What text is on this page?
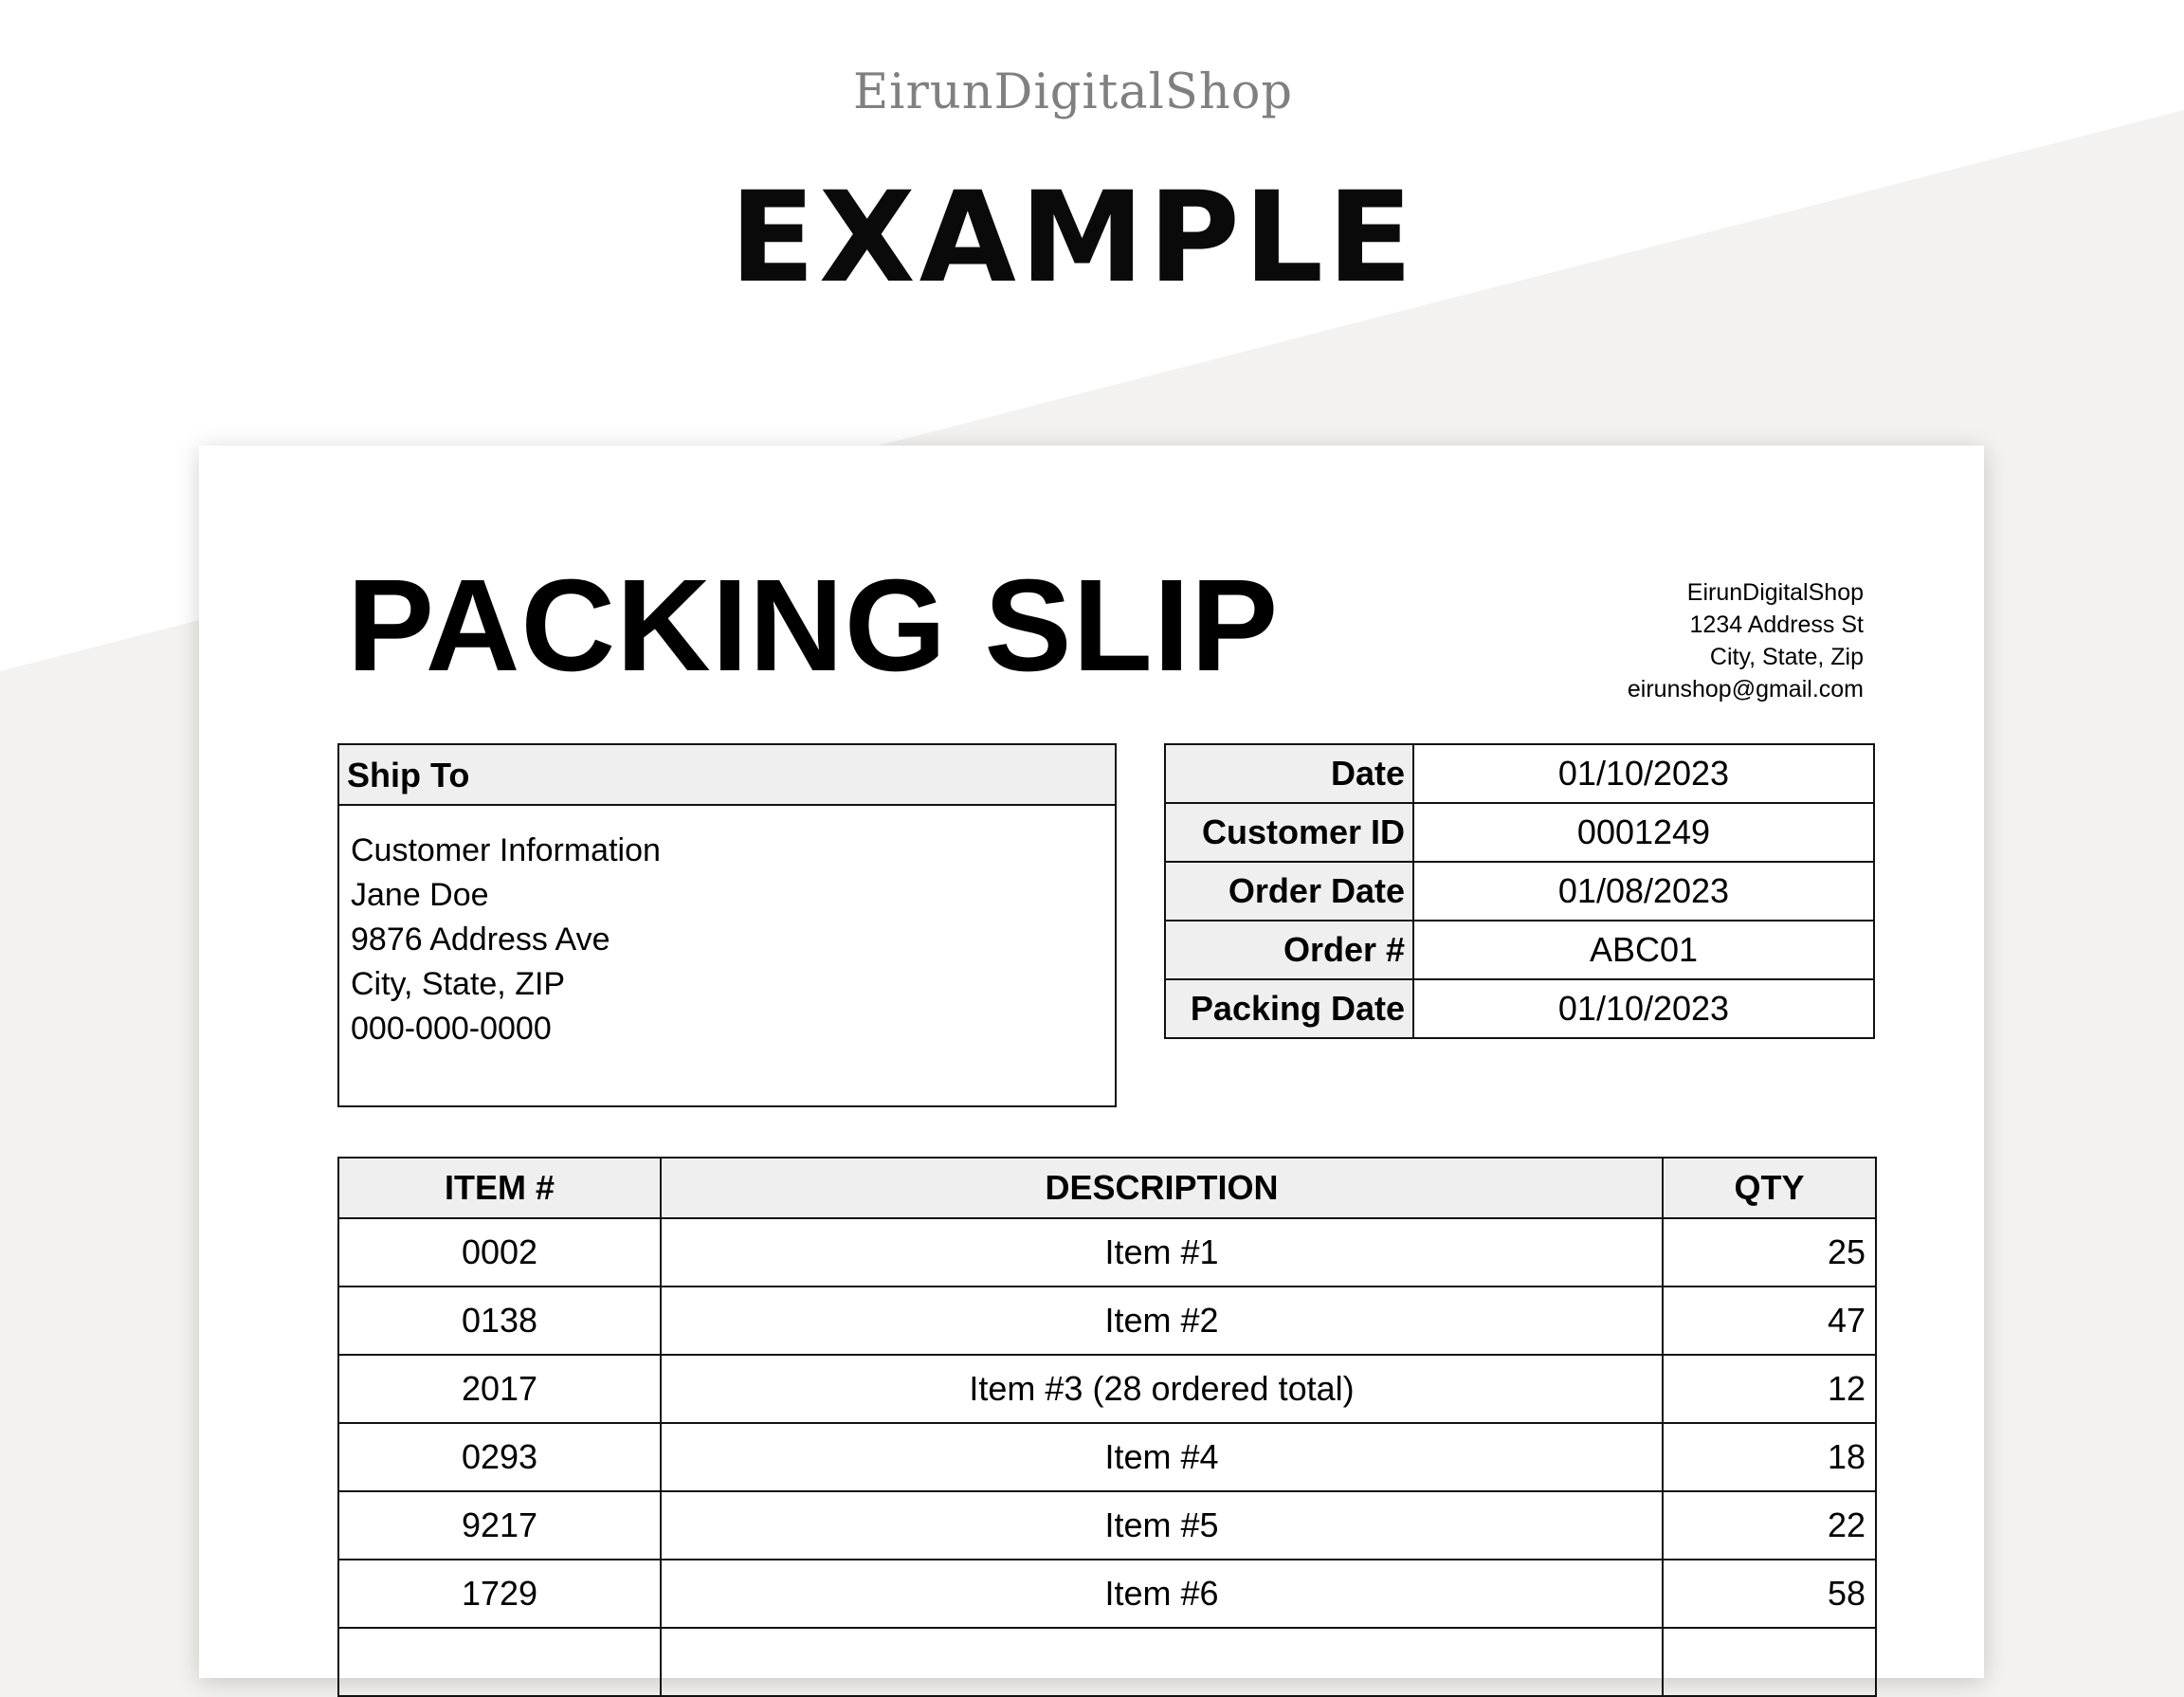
EirunDigitalShop
EXAMPLE
PACKING SLIP	EirunDigitalShop
1234 Address St
City, State, Zip
eirunshop@gmail.com
Ship To
Customer Information
Jane Doe
9876 Address Ave
City, State, ZIP
000-000-0000
Date	01/10/2023
Customer ID	0001249
Order Date	01/08/2023
Order #	ABC01
Packing Date	01/10/2023
ITEM #	DESCRIPTION	QTY
0002	Item #1	25
0138	Item #2	47
2017	Item #3 (28 ordered total)	12
0293	Item #4	18
9217	Item #5	22
1729	Item #6	58
